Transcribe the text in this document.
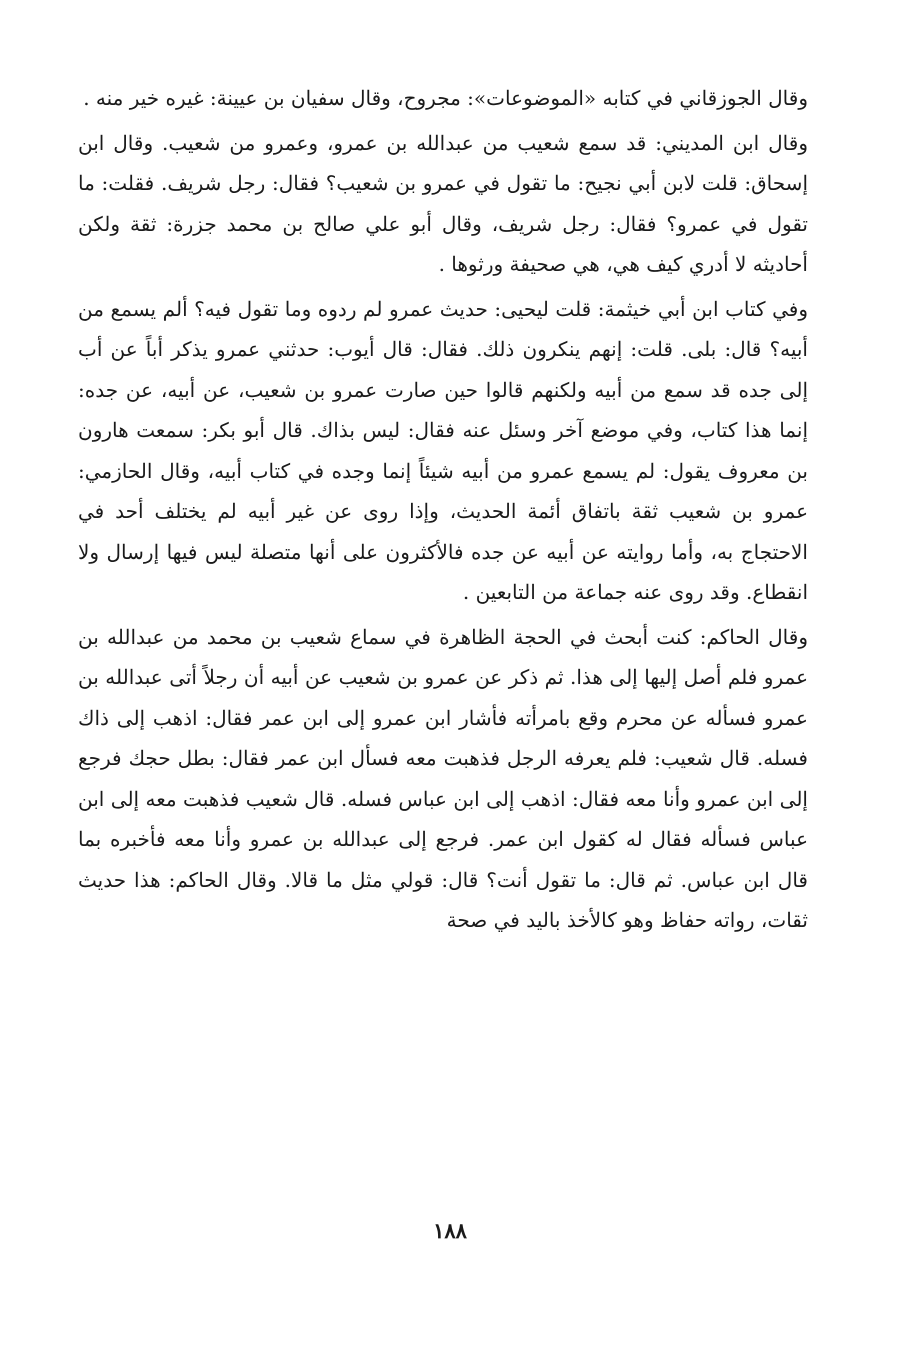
وقال الجوزقاني في كتابه «الموضوعات»: مجروح، وقال سفيان بن عيينة: غيره خير منه .

وقال ابن المديني: قد سمع شعيب من عبدالله بن عمرو، وعمرو من شعيب. وقال ابن إسحاق: قلت لابن أبي نجيح: ما تقول في عمرو بن شعيب؟ فقال: رجل شريف. فقلت: ما تقول في عمرو؟ فقال: رجل شريف، وقال أبو علي صالح بن محمد جزرة: ثقة ولكن أحاديثه لا أدري كيف هي، هي صحيفة ورثوها .

وفي كتاب ابن أبي خيثمة: قلت ليحيى: حديث عمرو لم ردوه وما تقول فيه؟ ألم يسمع من أبيه؟ قال: بلى. قلت: إنهم ينكرون ذلك. فقال: قال أيوب: حدثني عمرو يذكر أباً عن أب إلى جده قد سمع من أبيه ولكنهم قالوا حين صارت عمرو بن شعيب، عن أبيه، عن جده: إنما هذا كتاب، وفي موضع آخر وسئل عنه فقال: ليس بذاك. قال أبو بكر: سمعت هارون بن معروف يقول: لم يسمع عمرو من أبيه شيئاً إنما وجده في كتاب أبيه، وقال الحازمي: عمرو بن شعيب ثقة باتفاق أئمة الحديث، وإذا روى عن غير أبيه لم يختلف أحد في الاحتجاج به، وأما روايته عن أبيه عن جده فالأكثرون على أنها متصلة ليس فيها إرسال ولا انقطاع. وقد روى عنه جماعة من التابعين .

وقال الحاكم: كنت أبحث في الحجة الظاهرة في سماع شعيب بن محمد من عبدالله بن عمرو فلم أصل إليها إلى هذا. ثم ذكر عن عمرو بن شعيب عن أبيه أن رجلاً أتى عبدالله بن عمرو فسأله عن محرم وقع بامرأته فأشار ابن عمرو إلى ابن عمر فقال: اذهب إلى ذاك فسله. قال شعيب: فلم يعرفه الرجل فذهبت معه فسأل ابن عمر فقال: بطل حجك فرجع إلى ابن عمرو وأنا معه فقال: اذهب إلى ابن عباس فسله. قال شعيب فذهبت معه إلى ابن عباس فسأله فقال له كقول ابن عمر. فرجع إلى عبدالله بن عمرو وأنا معه فأخبره بما قال ابن عباس. ثم قال: ما تقول أنت؟ قال: قولي مثل ما قالا. وقال الحاكم: هذا حديث ثقات، رواته حفاظ وهو كالأخذ باليد في صحة

١٨٨
